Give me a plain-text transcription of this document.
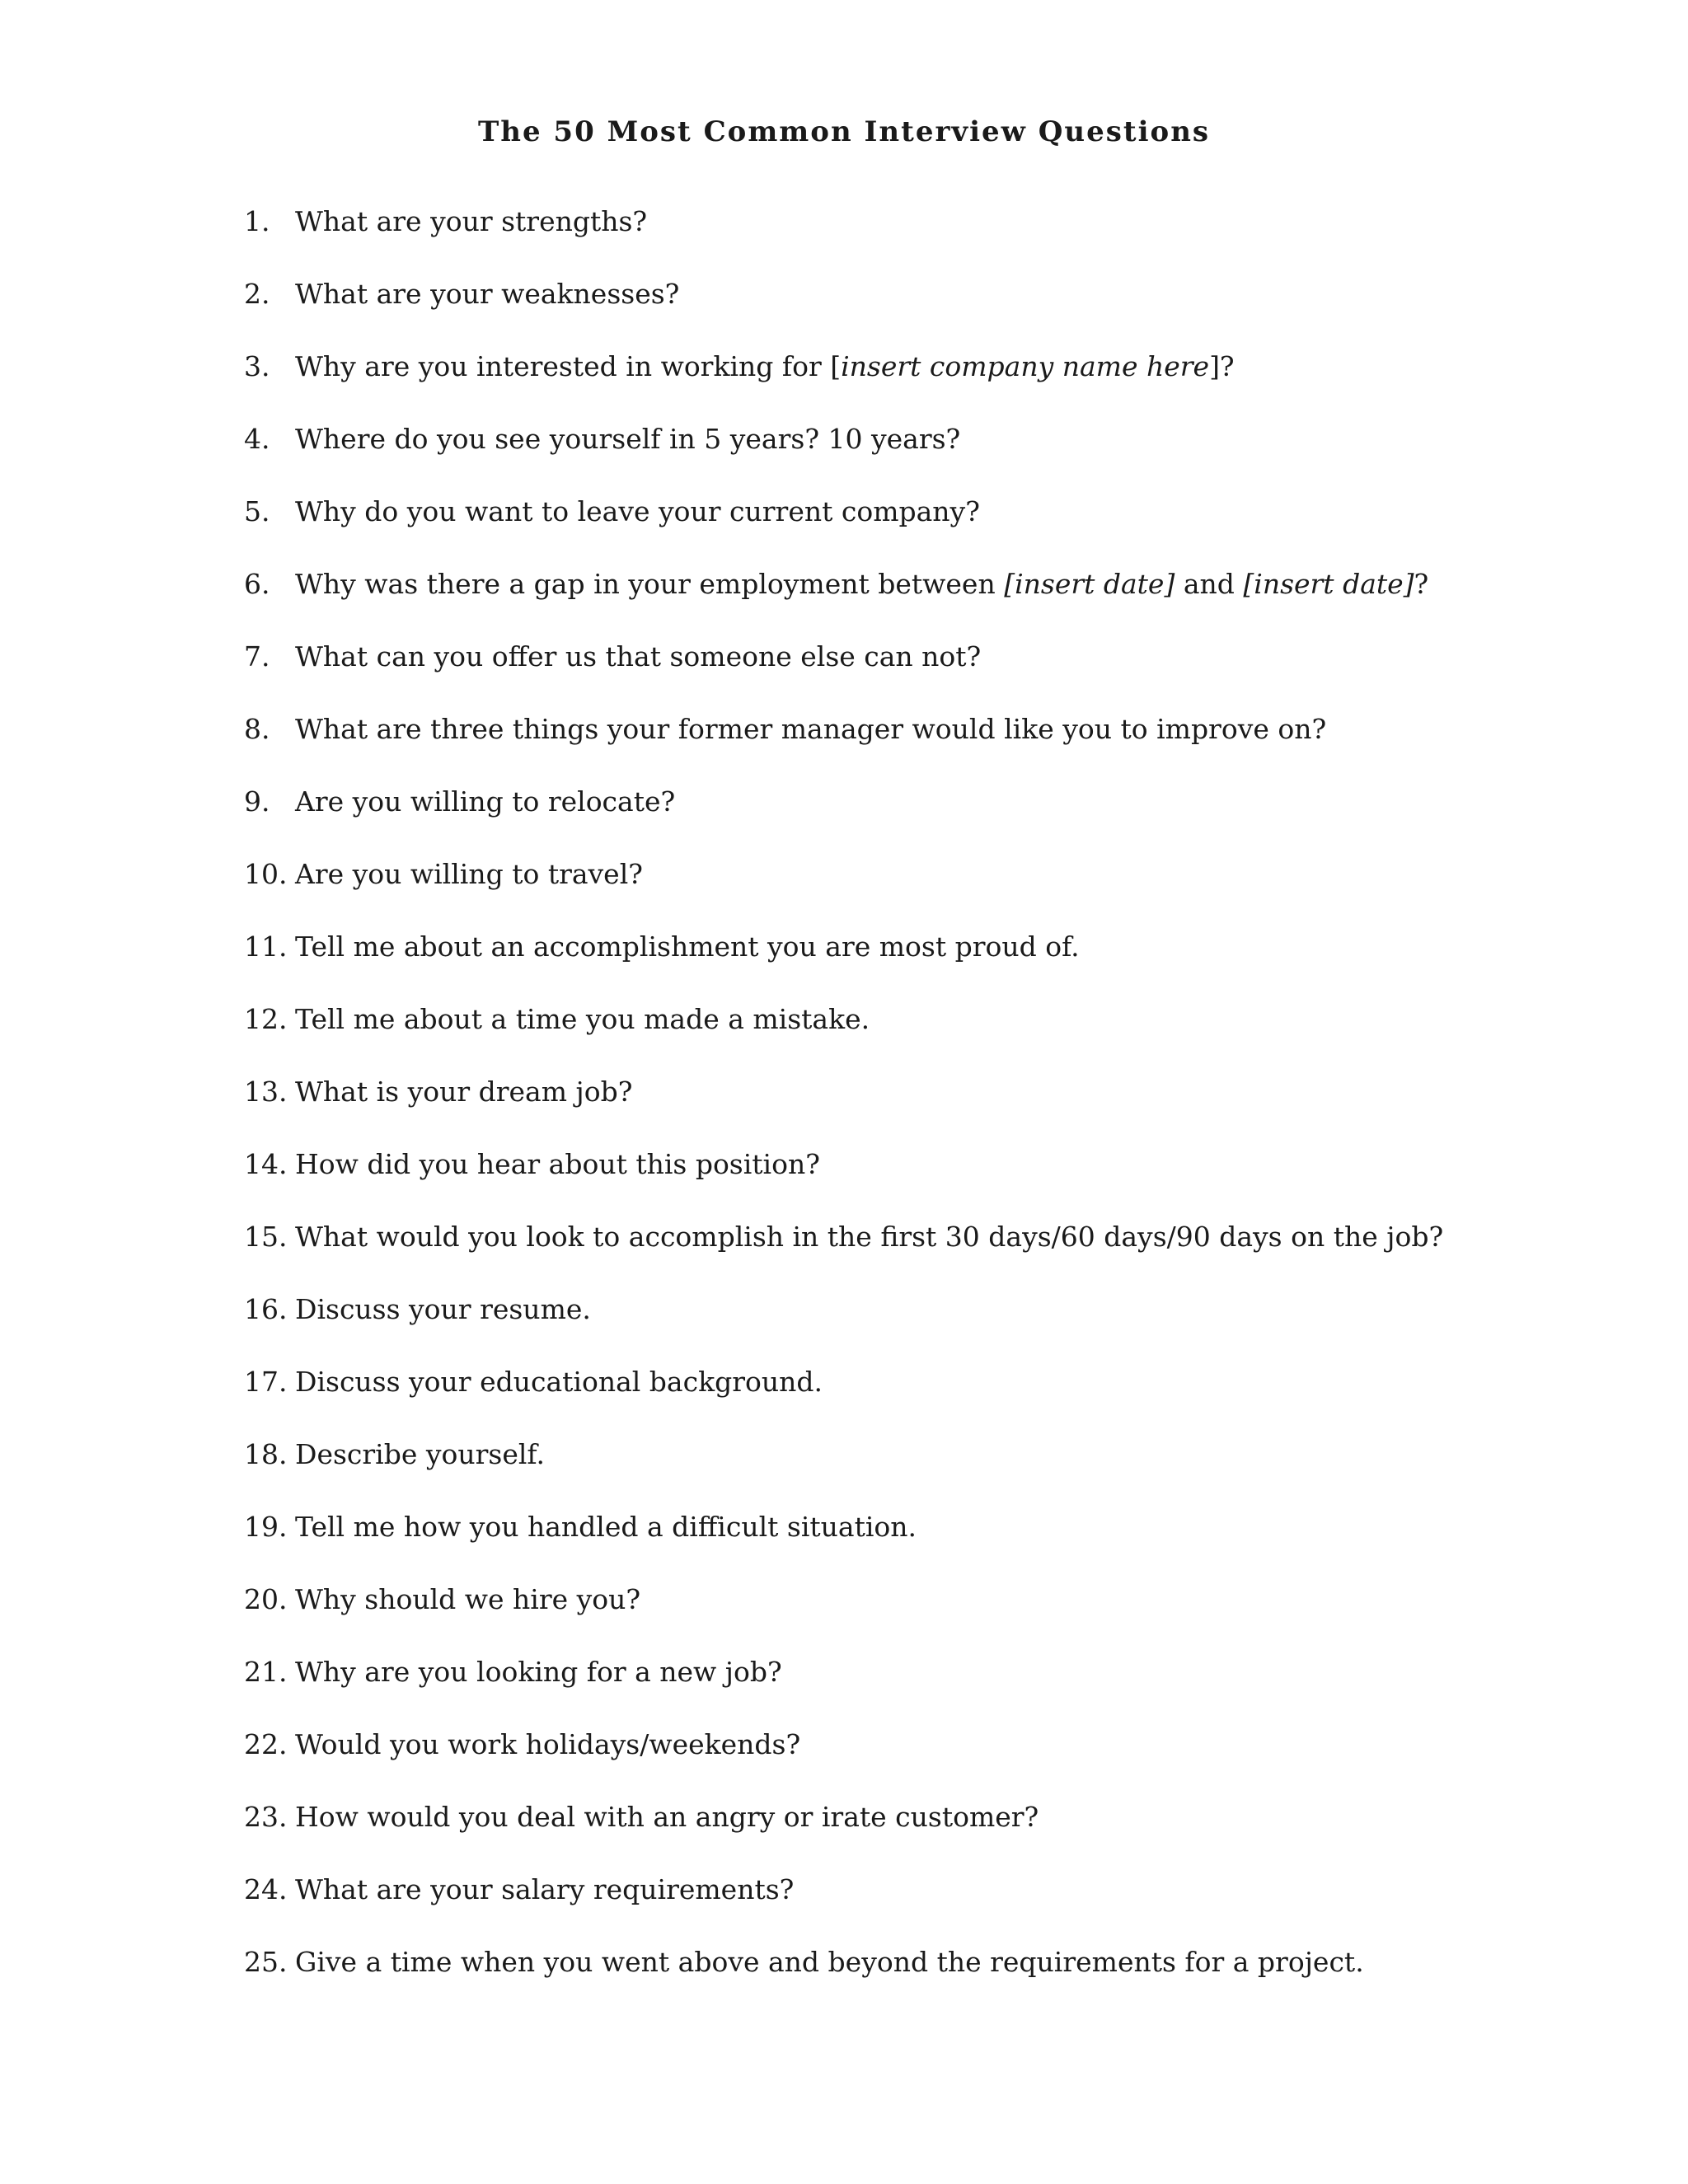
The 50 Most Common Interview Questions
1. What are your strengths?
2. What are your weaknesses?
3. Why are you interested in working for [insert company name here]?
4. Where do you see yourself in 5 years? 10 years?
5. Why do you want to leave your current company?
6. Why was there a gap in your employment between [insert date] and [insert date]?
7. What can you offer us that someone else can not?
8. What are three things your former manager would like you to improve on?
9. Are you willing to relocate?
10. Are you willing to travel?
11. Tell me about an accomplishment you are most proud of.
12. Tell me about a time you made a mistake.
13. What is your dream job?
14. How did you hear about this position?
15. What would you look to accomplish in the first 30 days/60 days/90 days on the job?
16. Discuss your resume.
17. Discuss your educational background.
18. Describe yourself.
19. Tell me how you handled a difficult situation.
20. Why should we hire you?
21. Why are you looking for a new job?
22. Would you work holidays/weekends?
23. How would you deal with an angry or irate customer?
24. What are your salary requirements?
25. Give a time when you went above and beyond the requirements for a project.
